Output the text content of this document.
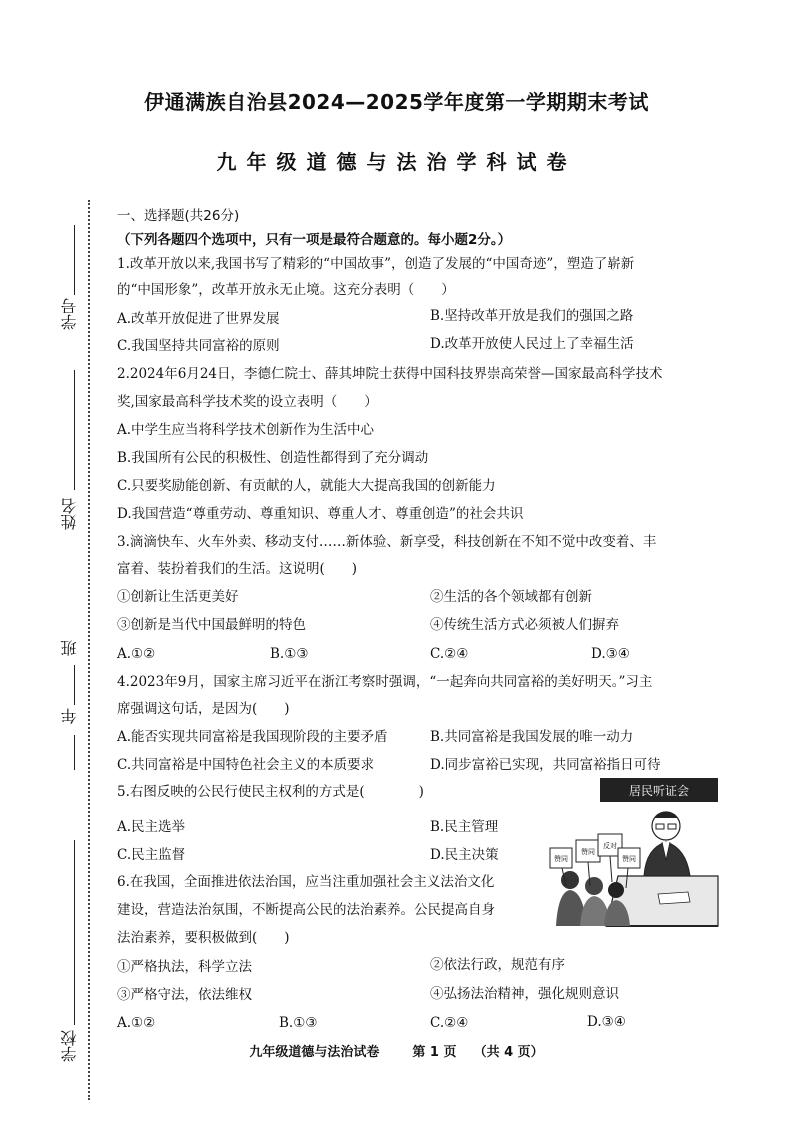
伊通满族自治县2024—2025学年度第一学期期末考试
九年级道德与法治学科试卷
学号
姓名
班
年
学校
一、选择题(共26分)
（下列各题四个选项中，只有一项是最符合题意的。每小题2分。）
1.改革开放以来,我国书写了精彩的“中国故事”，创造了发展的“中国奇迹”，塑造了崭新
的“中国形象”，改革开放永无止境。这充分表明（　　）
A.改革开放促进了世界发展	B.坚持改革开放是我们的强国之路
C.我国坚持共同富裕的原则	D.改革开放使人民过上了幸福生活
2.2024年6月24日，李德仁院士、薛其坤院士获得中国科技界崇高荣誉—国家最高科学技术
奖,国家最高科学技术奖的设立表明（　　）
A.中学生应当将科学技术创新作为生活中心
B.我国所有公民的积极性、创造性都得到了充分调动
C.只要奖励能创新、有贡献的人，就能大大提高我国的创新能力
D.我国营造“尊重劳动、尊重知识、尊重人才、尊重创造”的社会共识
3.滴滴快车、火车外卖、移动支付……新体验、新享受，科技创新在不知不觉中改变着、丰
富着、装扮着我们的生活。这说明(　　)
①创新让生活更美好	②生活的各个领域都有创新
③创新是当代中国最鲜明的特色	④传统生活方式必须被人们摒弃
A.①②	B.①③	C.②④	D.③④
4.2023年9月，国家主席习近平在浙江考察时强调，“一起奔向共同富裕的美好明天。”习主
席强调这句话，是因为(　　)
A.能否实现共同富裕是我国现阶段的主要矛盾	B.共同富裕是我国发展的唯一动力
C.共同富裕是中国特色社会主义的本质要求	D.同步富裕已实现，共同富裕指日可待
5.右图反映的公民行使民主权利的方式是(　　　　)
A.民主选举	B.民主管理
C.民主监督	D.民主决策
居民听证会
赞同
赞同
反对
赞同
6.在我国，全面推进依法治国，应当注重加强社会主义法治文化
建设，营造法治氛围，不断提高公民的法治素养。公民提高自身
法治素养，要积极做到(　　)
①严格执法，科学立法	②依法行政，规范有序
③严格守法，依法维权	④弘扬法治精神，强化规则意识
A.①②	B.①③	C.②④	D.③④
九年级道德与法治试卷	第 1 页 （共 4 页）
